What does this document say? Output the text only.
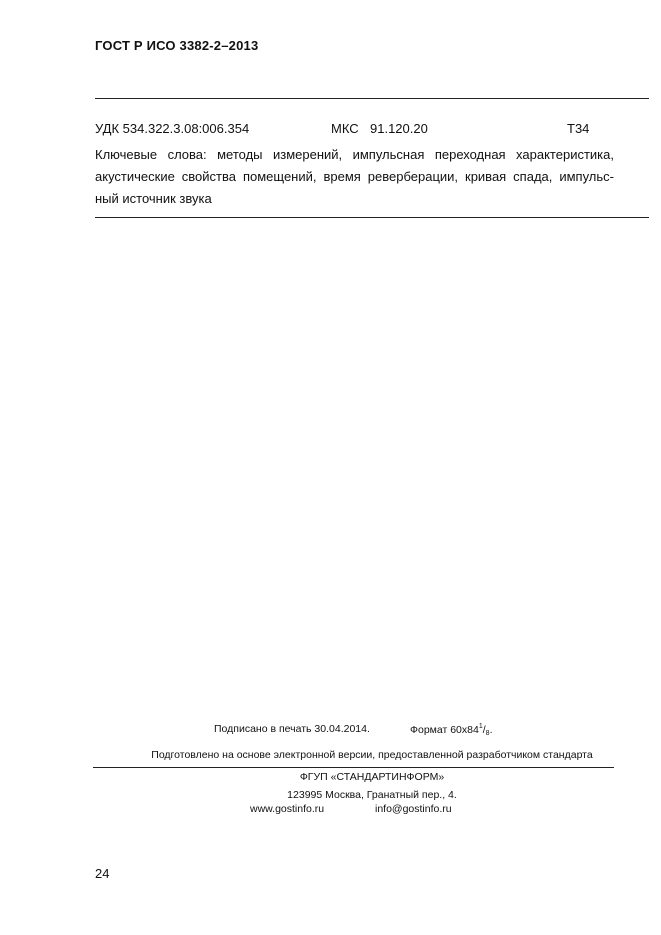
ГОСТ Р ИСО 3382-2–2013
УДК 534.322.3.08:006.354	МКС 91.120.20	Т34
Ключевые слова: методы измерений, импульсная переходная характеристика,
акустические свойства помещений, время реверберации, кривая спада, импульс-
ный источник звука
Подписано в печать 30.04.2014.	Формат $60х84^1/_8$.
Подготовлено на основе электронной версии, предоставленной разработчиком стандарта
ФГУП «СТАНДАРТИНФОРМ»
123995 Москва, Гранатный пер., 4.
www.gostinfo.ru	info@gostinfo.ru
24
